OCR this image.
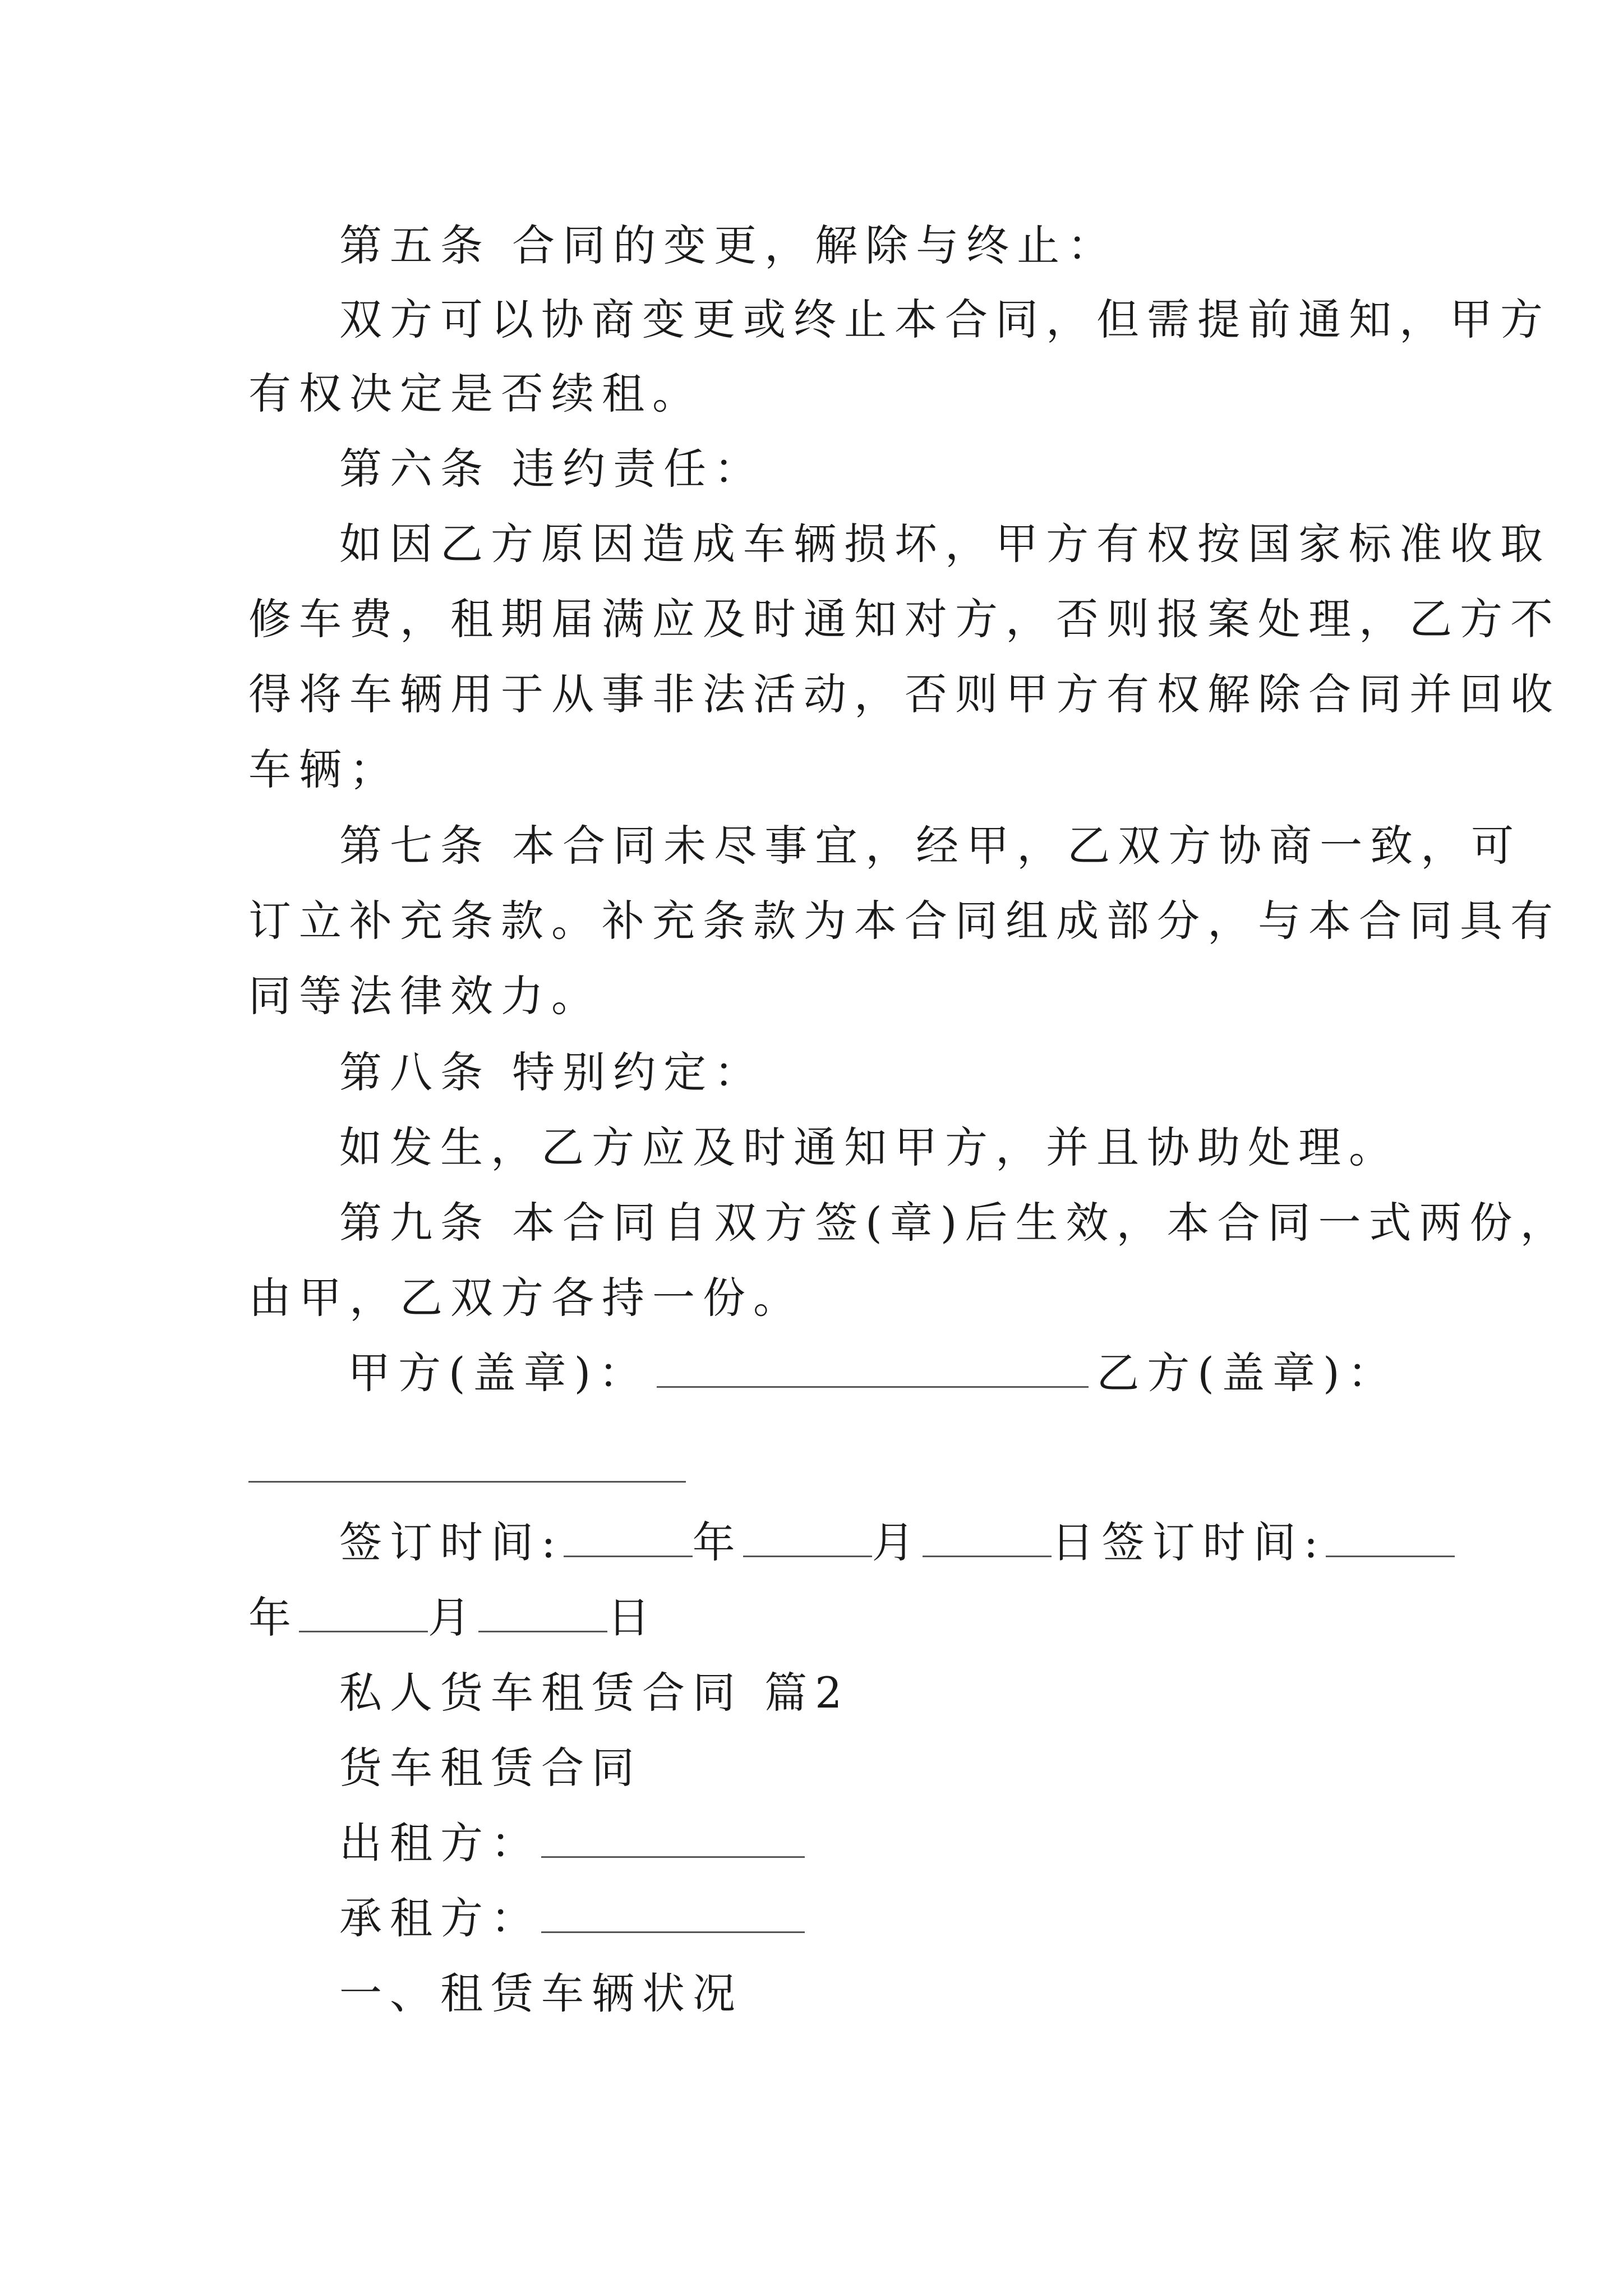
第五条 合同的变更，解除与终止：
双方可以协商变更或终止本合同，但需提前通知，甲方
有权决定是否续租。
第六条 违约责任：
如因乙方原因造成车辆损坏，甲方有权按国家标准收取
修车费，租期届满应及时通知对方，否则报案处理，乙方不
得将车辆用于从事非法活动，否则甲方有权解除合同并回收
车辆；
第七条 本合同未尽事宜，经甲，乙双方协商一致，可
订立补充条款。补充条款为本合同组成部分，与本合同具有
同等法律效力。
第八条 特别约定：
如发生，乙方应及时通知甲方，并且协助处理。
第九条 本合同自双方签(章)后生效，本合同一式两份，
由甲，乙双方各持一份。
甲方(盖章)：	乙方(盖章)：
签订时间:	年	月	日签订时间:
年	月	日
私人货车租赁合同 篇2
货车租赁合同
出租方：
承租方：
一、租赁车辆状况
